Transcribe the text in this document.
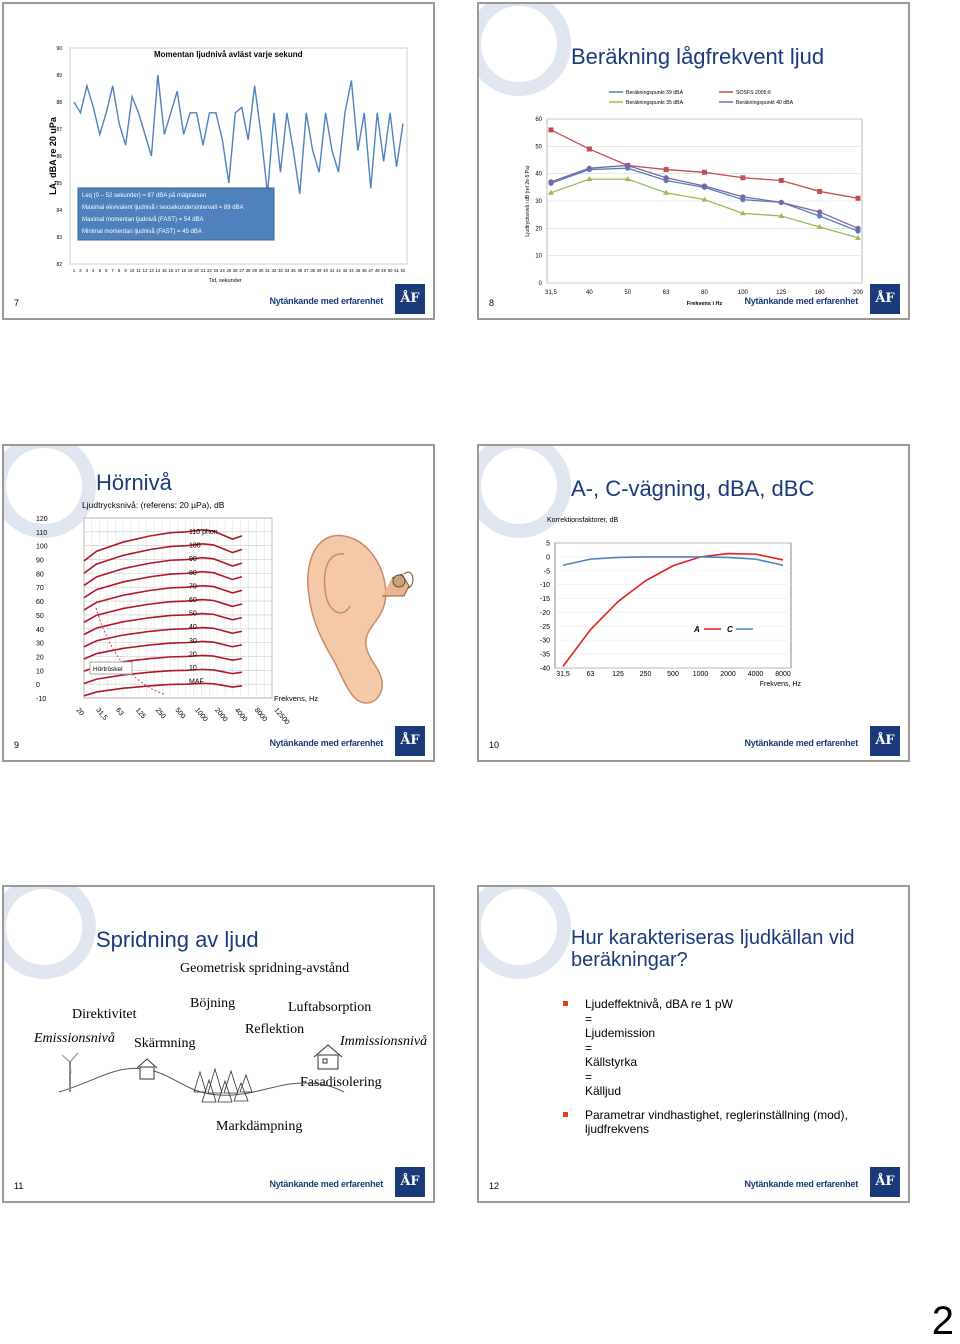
Momentan ljudnivå avläst varje sekund
82
83
84
85
86
87
88
89
90
LA, dBA re 20 uPa
1 2 3 4 5 6 7 8 9 10 11 12 13 14 15 16 17 18 19 20 21 22 23 24 25 26 27 28 29 30 31 32 33 34 35 36 37 38 39 40 41 42 43 44 45 46 47 48 49 50 51 52
Tid, sekunder
Leq (0 – 52 sekunder) = 87 dBA på mätplatsen
Maximal ekvivalent ljudnivå i sexsekundersintervall = 89 dBA
Maximal momentan ljudnivå (FAST) = 54 dBA
Minimal momentan ljudnivå (FAST) = 45 dBA
7	Nytänkande med erfarenhet	ÅF
Beräkning lågfrekvent ljud
0
10
20
30
40
50
60
Ljudtrycksnivå i dB (ref 2e-5 Pa)
31,5	40	50	63	80	100	125	160	200
Frekvens i Hz
Beräkningspunkt 39 dBA	SOSFS 2005:6
Beräkningspunkt 35 dBA	Beräkningspunkt 40 dBA
8	Nytänkande med erfarenhet	ÅF
Hörnivå
Ljudtrycksnivå: (referens: 20 µPa), dB
120
110
100
90
80
70
60
50
40
30
20
10
0
-10
110 phon
100
90
80
70
60
50
40
30
20
10
MAF
Hörtröskel
20 31,5 63 125 250 500 1000 2000 4000 8000 12500
Frekvens, Hz
9	Nytänkande med erfarenhet	ÅF
A-, C-vägning, dBA, dBC
Korrektionsfaktorer, dB
5
0
-5
-10
-15
-20
-25
-30
-35
-40
31,5 63	125 250 500 1000 2000 4000 8000
Frekvens, Hz
A	C
10	Nytänkande med erfarenhet	ÅF
Spridning av ljud
Geometrisk spridning-avstånd
Direktivitet
Emissionsnivå
Böjning
Skärmning
Luftabsorption
Reflektion
Immissionsnivå
Fasadisolering
Markdämpning
11	Nytänkande med erfarenhet	ÅF
Hur karakteriseras ljudkällan vid beräkningar?
Ljudeffektnivå, dBA re 1 pW
=
Ljudemission
=
Källstyrka
=
Källjud
Parametrar vindhastighet, reglerinställning (mod), ljudfrekvens
12	Nytänkande med erfarenhet	ÅF
2
